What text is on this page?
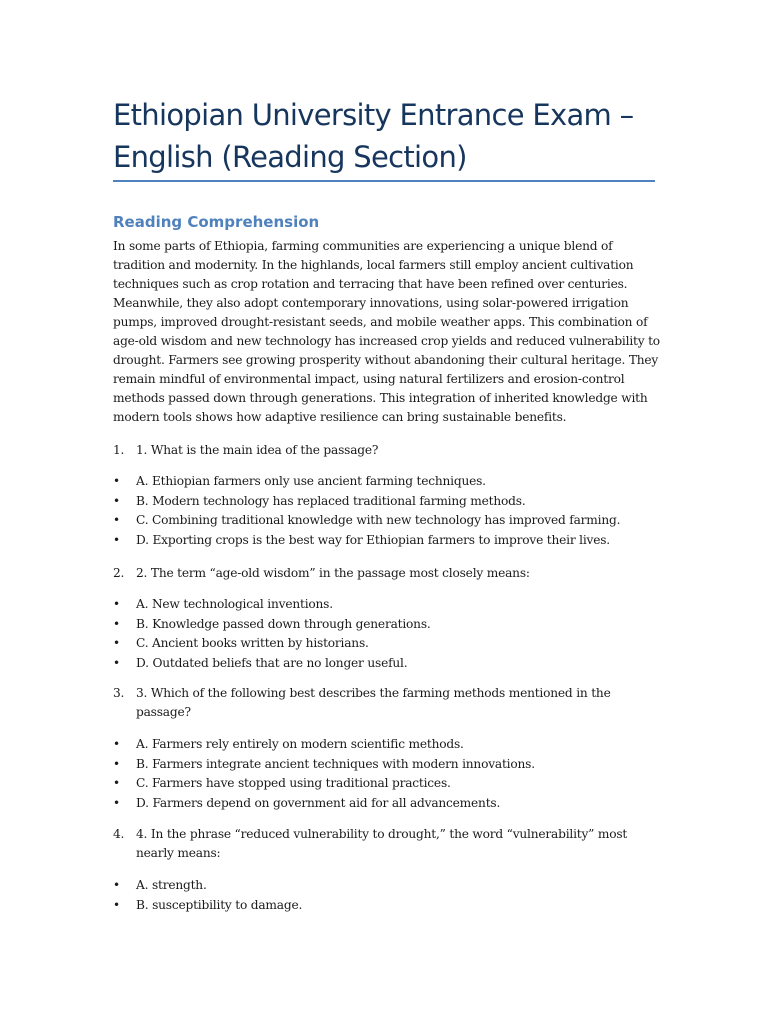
Ethiopian University Entrance Exam – English (Reading Section)
Reading Comprehension

In some parts of Ethiopia, farming communities are experiencing a unique blend of tradition and modernity. In the highlands, local farmers still employ ancient cultivation techniques such as crop rotation and terracing that have been refined over centuries. Meanwhile, they also adopt contemporary innovations, using solar-powered irrigation pumps, improved drought-resistant seeds, and mobile weather apps. This combination of age-old wisdom and new technology has increased crop yields and reduced vulnerability to drought. Farmers see growing prosperity without abandoning their cultural heritage. They remain mindful of environmental impact, using natural fertilizers and erosion-control methods passed down through generations. This integration of inherited knowledge with modern tools shows how adaptive resilience can bring sustainable benefits.

1. 1. What is the main idea of the passage?
•	A. Ethiopian farmers only use ancient farming techniques.
•	B. Modern technology has replaced traditional farming methods.
•	C. Combining traditional knowledge with new technology has improved farming.
•	D. Exporting crops is the best way for Ethiopian farmers to improve their lives.
2. 2. The term “age-old wisdom” in the passage most closely means:
•	A. New technological inventions.
•	B. Knowledge passed down through generations.
•	C. Ancient books written by historians.
•	D. Outdated beliefs that are no longer useful.
3. 3. Which of the following best describes the farming methods mentioned in the passage?
•	A. Farmers rely entirely on modern scientific methods.
•	B. Farmers integrate ancient techniques with modern innovations.
•	C. Farmers have stopped using traditional practices.
•	D. Farmers depend on government aid for all advancements.
4. 4. In the phrase “reduced vulnerability to drought,” the word “vulnerability” most nearly means:
•	A. strength.
•	B. susceptibility to damage.
